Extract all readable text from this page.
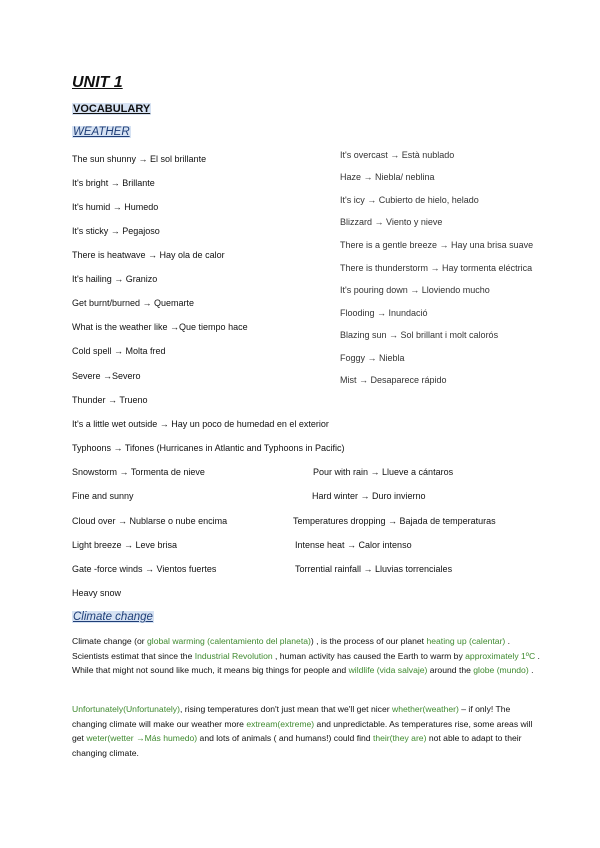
UNIT 1
VOCABULARY
WEATHER
The sun shunny → El sol brillante
It's bright → Brillante
It's humid → Humedo
It's sticky → Pegajoso
There is heatwave → Hay ola de calor
It's hailing → Granizo
Get burnt/burned → Quemarte
What is the weather like →Que tiempo hace
Cold spell → Molta fred
Severe →Severo
Thunder → Trueno
It's overcast → Està nublado
Haze → Niebla/ neblina
It's icy → Cubierto de hielo, helado
Blizzard → Viento y nieve
There is a gentle breeze → Hay una brisa suave
There is thunderstorm → Hay tormenta eléctrica
It's pouring down → Lloviendo mucho
Flooding → Inundació
Blazing sun → Sol brillant i molt calorós
Foggy → Niebla
Mist → Desaparece rápido
It's a little wet outside → Hay un poco de humedad en el exterior
Typhoons → Tifones (Hurricanes in Atlantic and Typhoons in Pacific)
Snowstorm → Tormenta de nieve	Pour with rain → Llueve a cántaros
Fine and sunny	Hard winter → Duro invierno
Cloud over → Nublarse o nube encima	Temperatures dropping → Bajada de temperaturas
Light breeze → Leve brisa	Intense heat → Calor intenso
Gate -force winds → Vientos fuertes	Torrential rainfall → Lluvias torrenciales
Heavy snow
Climate change
Climate change (or global warming (calentamiento del planeta)) , is the process of our planet heating up (calentar) . Scientists estimat that since the Industrial Revolution , human activity has caused the Earth to warm by approximately 1ºC . While that might not sound like much, it means big things for people and wildlife (vida salvaje) around the globe (mundo) .
Unfortunately(Unfortunately), rising temperatures don't just mean that we'll get nicer whether(weather) – if only! The changing climate will make our weather more extream(extreme) and unpredictable. As temperatures rise, some areas will get weter(wetter →Más humedo) and lots of animals ( and humans!) could find their(they are) not able to adapt to their changing climate.
